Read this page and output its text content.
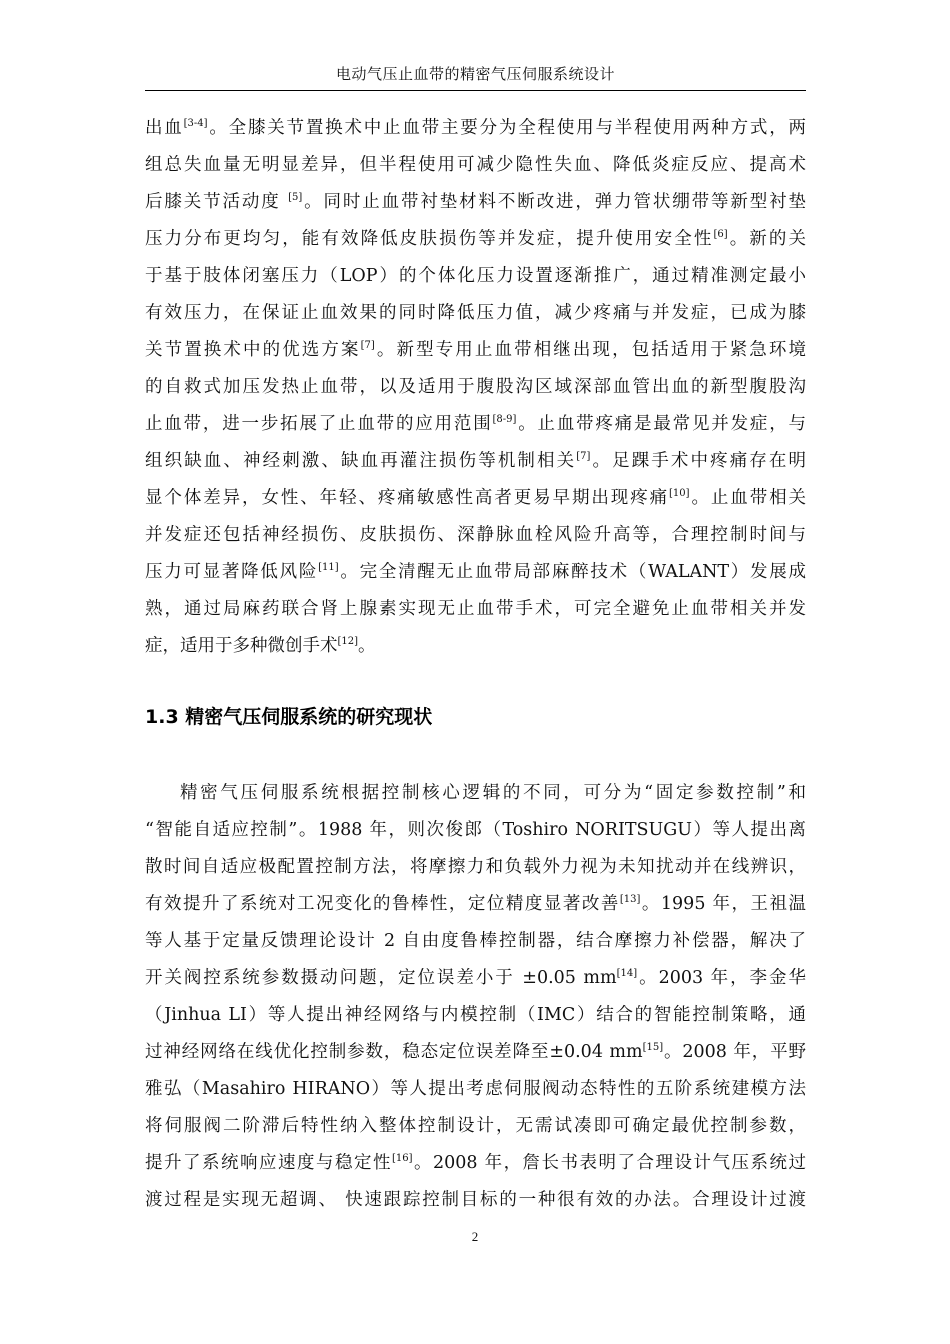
电动气压止血带的精密气压伺服系统设计
出血[3-4]。全膝关节置换术中止血带主要分为全程使用与半程使用两种方式，两
组总失血量无明显差异，但半程使用可减少隐性失血、降低炎症反应、提高术
后膝关节活动度 [5]。同时止血带衬垫材料不断改进，弹力管状绷带等新型衬垫
压力分布更均匀，能有效降低皮肤损伤等并发症，提升使用安全性[6]。新的关
于基于肢体闭塞压力（LOP）的个体化压力设置逐渐推广，通过精准测定最小
有效压力，在保证止血效果的同时降低压力值，减少疼痛与并发症，已成为膝
关节置换术中的优选方案[7]。新型专用止血带相继出现，包括适用于紧急环境
的自救式加压发热止血带，以及适用于腹股沟区域深部血管出血的新型腹股沟
止血带，进一步拓展了止血带的应用范围[8-9]。止血带疼痛是最常见并发症，与
组织缺血、神经刺激、缺血再灌注损伤等机制相关[7]。足踝手术中疼痛存在明
显个体差异，女性、年轻、疼痛敏感性高者更易早期出现疼痛[10]。止血带相关
并发症还包括神经损伤、皮肤损伤、深静脉血栓风险升高等，合理控制时间与
压力可显著降低风险[11]。完全清醒无止血带局部麻醉技术（WALANT）发展成
熟，通过局麻药联合肾上腺素实现无止血带手术，可完全避免止血带相关并发
症，适用于多种微创手术[12]。
1.3 精密气压伺服系统的研究现状
精密气压伺服系统根据控制核心逻辑的不同，可分为“固定参数控制”和
“智能自适应控制”。1988 年，则次俊郎（Toshiro NORITSUGU）等人提出离
散时间自适应极配置控制方法，将摩擦力和负载外力视为未知扰动并在线辨识，
有效提升了系统对工况变化的鲁棒性，定位精度显著改善[13]。1995 年，王祖温
等人基于定量反馈理论设计 2 自由度鲁棒控制器，结合摩擦力补偿器，解决了
开关阀控系统参数摄动问题，定位误差小于 ±0.05 mm[14]。2003 年，李金华
（Jinhua LI）等人提出神经网络与内模控制（IMC）结合的智能控制策略，通
过神经网络在线优化控制参数，稳态定位误差降至±0.04 mm[15]。2008 年，平野
雅弘（Masahiro HIRANO）等人提出考虑伺服阀动态特性的五阶系统建模方法
将伺服阀二阶滞后特性纳入整体控制设计，无需试凑即可确定最优控制参数，
提升了系统响应速度与稳定性[16]。2008 年，詹长书表明了合理设计气压系统过
渡过程是实现无超调、 快速跟踪控制目标的一种很有效的办法。合理设计过渡
2
